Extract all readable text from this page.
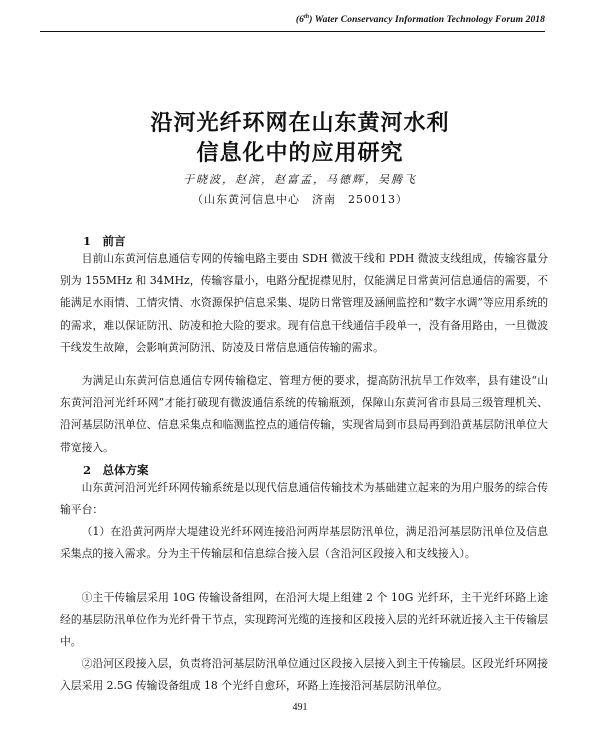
(6th) Water Conservancy Information Technology Forum 2018
沿河光纤环网在山东黄河水利
信息化中的应用研究
于晓波，赵滨，赵富孟，马德辉，吴腾飞
（山东黄河信息中心　济南　250013）
1　前言

目前山东黄河信息通信专网的传输电路主要由 SDH 微波干线和 PDH 微波支线组成，传输容量分别为 155MHz 和 34MHz，传输容量小，电路分配捉襟见肘，仅能满足日常黄河信息通信的需要，不能满足水雨情、工情灾情、水资源保护信息采集、堤防日常管理及涵闸监控和“数字水调”等应用系统的的需求，难以保证防汛、防凌和抢大险的要求。现有信息干线通信手段单一，没有备用路由，一旦微波干线发生故障，会影响黄河防汛、防凌及日常信息通信传输的需求。

为满足山东黄河信息通信专网传输稳定、管理方便的要求，提高防汛抗旱工作效率，县有建设“山东黄河沿河光纤环网”才能打破现有微波通信系统的传输瓶颈，保障山东黄河省市县局三级管理机关、沿河基层防汛单位、信息采集点和临测监控点的通信传输，实现省局到市县局再到沿黄基层防汛单位大带宽接入。

2　总体方案

山东黄河沿河光纤环网传输系统是以现代信息通信传输技术为基础建立起来的为用户服务的综合传输平台：

（1）在沿黄河两岸大堤建设光纤环网连接沿河两岸基层防汛单位，满足沿河基层防汛单位及信息采集点的接入需求。分为主干传输层和信息综合接入层（含沿河区段接入和支线接入）。

①主干传输层采用 10G 传输设备组网，在沿河大堤上组建 2 个 10G 光纤环，主干光纤环路上途经的基层防汛单位作为光纤骨干节点，实现跨河光缆的连接和区段接入层的光纤环就近接入主干传输层中。

②沿河区段接入层，负责将沿河基层防汛单位通过区段接入层接入到主干传输层。区段光纤环网接入层采用 2.5G 传输设备组成 18 个光纤自愈环，环路上连接沿河基层防汛单位。

491
